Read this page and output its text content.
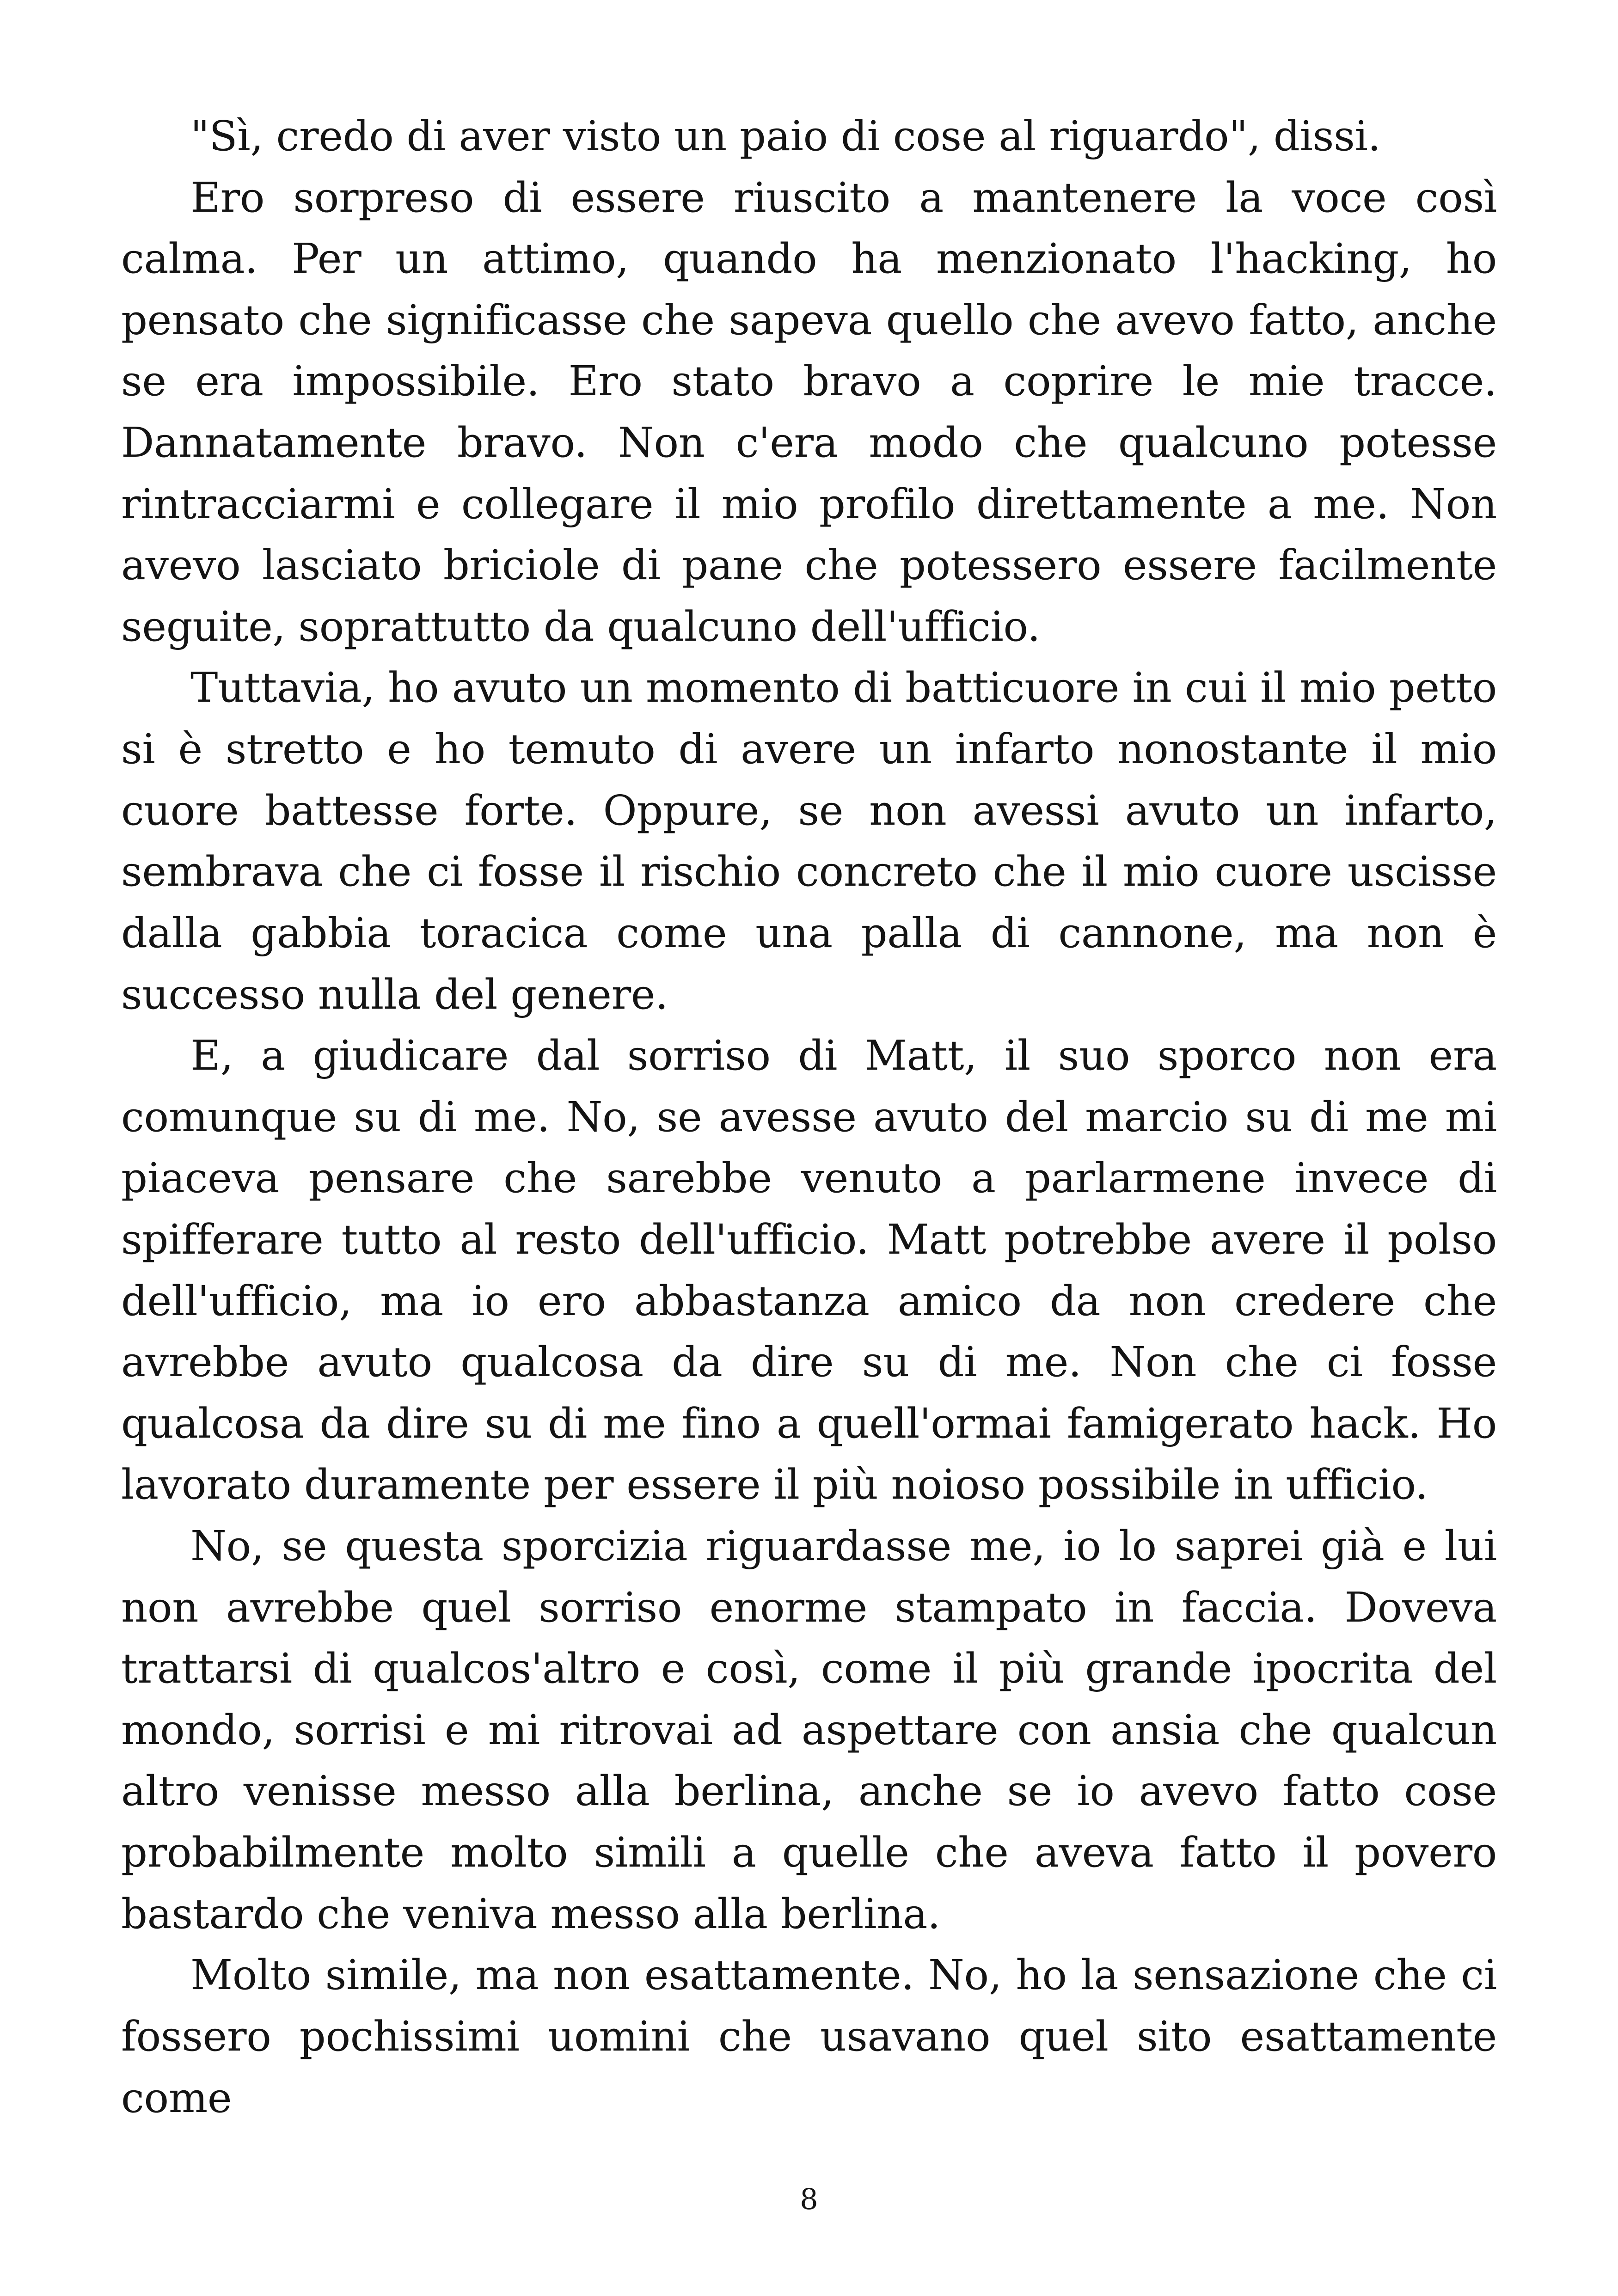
"Sì, credo di aver visto un paio di cose al riguardo", dissi.

Ero sorpreso di essere riuscito a mantenere la voce così calma. Per un attimo, quando ha menzionato l'hacking, ho pensato che significasse che sapeva quello che avevo fatto, anche se era impossibile. Ero stato bravo a coprire le mie tracce. Dannatamente bravo. Non c'era modo che qualcuno potesse rintracciarmi e collegare il mio profilo direttamente a me. Non avevo lasciato briciole di pane che potessero essere facilmente seguite, soprattutto da qualcuno dell'ufficio.

Tuttavia, ho avuto un momento di batticuore in cui il mio petto si è stretto e ho temuto di avere un infarto nonostante il mio cuore battesse forte. Oppure, se non avessi avuto un infarto, sembrava che ci fosse il rischio concreto che il mio cuore uscisse dalla gabbia toracica come una palla di cannone, ma non è successo nulla del genere.

E, a giudicare dal sorriso di Matt, il suo sporco non era comunque su di me. No, se avesse avuto del marcio su di me mi piaceva pensare che sarebbe venuto a parlarmene invece di spifferare tutto al resto dell'ufficio. Matt potrebbe avere il polso dell'ufficio, ma io ero abbastanza amico da non credere che avrebbe avuto qualcosa da dire su di me. Non che ci fosse qualcosa da dire su di me fino a quell'ormai famigerato hack. Ho lavorato duramente per essere il più noioso possibile in ufficio.

No, se questa sporcizia riguardasse me, io lo saprei già e lui non avrebbe quel sorriso enorme stampato in faccia. Doveva trattarsi di qualcos'altro e così, come il più grande ipocrita del mondo, sorrisi e mi ritrovai ad aspettare con ansia che qualcun altro venisse messo alla berlina, anche se io avevo fatto cose probabilmente molto simili a quelle che aveva fatto il povero bastardo che veniva messo alla berlina.

Molto simile, ma non esattamente. No, ho la sensazione che ci fossero pochissimi uomini che usavano quel sito esattamente come

8
